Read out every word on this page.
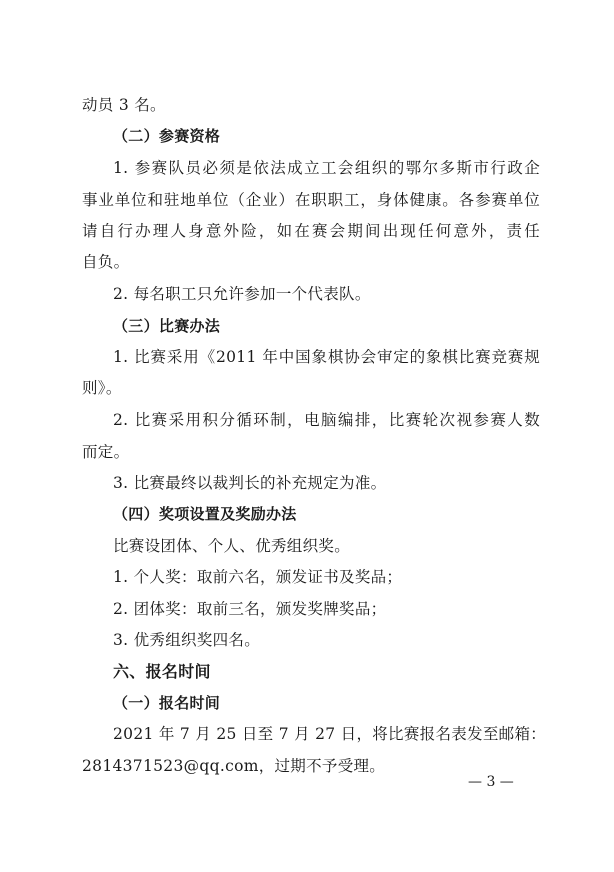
动员 3 名。
（二）参赛资格
1. 参赛队员必须是依法成立工会组织的鄂尔多斯市行政企
事业单位和驻地单位（企业）在职职工，身体健康。各参赛单位
请自行办理人身意外险，如在赛会期间出现任何意外，责任
自负。
2. 每名职工只允许参加一个代表队。
（三）比赛办法
1. 比赛采用《2011 年中国象棋协会审定的象棋比赛竞赛规
则》。
2. 比赛采用积分循环制，电脑编排，比赛轮次视参赛人数
而定。
3. 比赛最终以裁判长的补充规定为准。
（四）奖项设置及奖励办法
比赛设团体、个人、优秀组织奖。
1. 个人奖：取前六名，颁发证书及奖品；
2. 团体奖：取前三名，颁发奖牌奖品；
3. 优秀组织奖四名。
六、报名时间
（一）报名时间
2021 年 7 月 25 日至 7 月 27 日，将比赛报名表发至邮箱：
2814371523@qq.com，过期不予受理。
— 3 —
